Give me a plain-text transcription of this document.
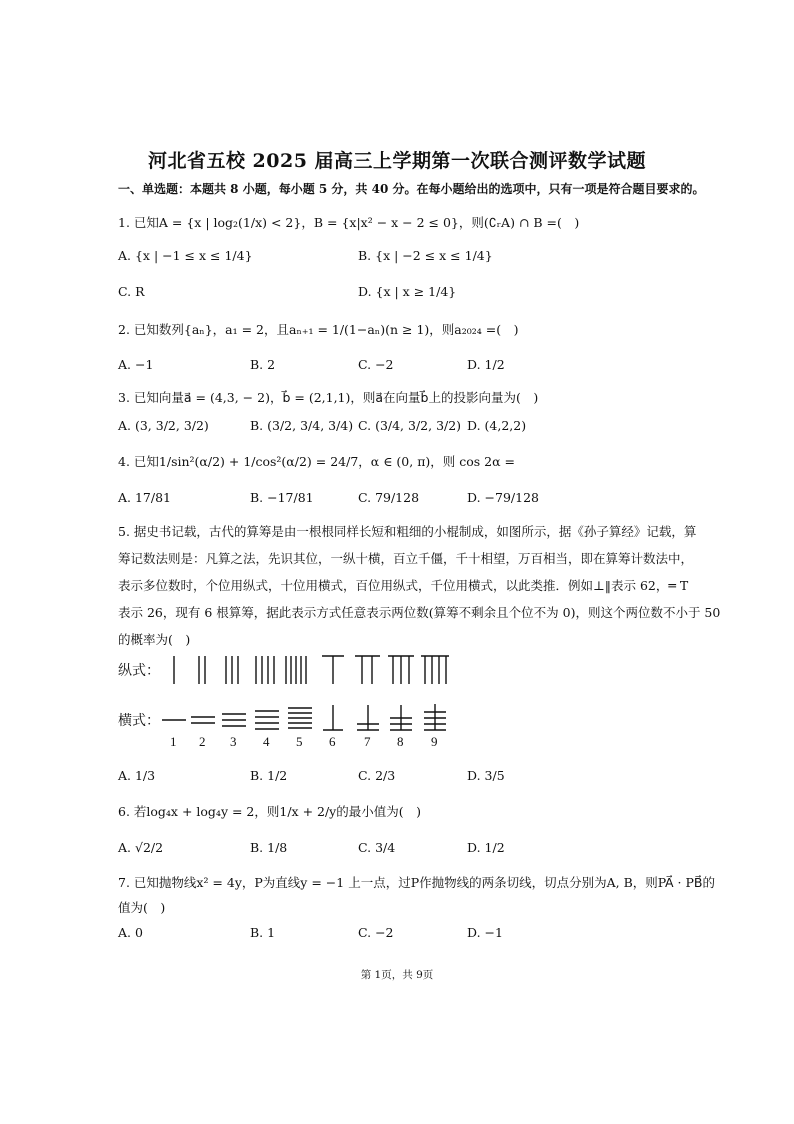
河北省五校 2025 届高三上学期第一次联合测评数学试题
一、单选题：本题共 8 小题，每小题 5 分，共 40 分。在每小题给出的选项中，只有一项是符合题目要求的。
1. 已知A = {x | log₂(1/x) < 2}，B = {x|x² − x − 2 ≤ 0}，则(∁ᵣA) ∩ B =(　)
A. {x | −1 ≤ x ≤ 1/4}	B. {x | −2 ≤ x ≤ 1/4}
C. R	D. {x | x ≥ 1/4}
2. 已知数列{aₙ}，a₁ = 2，且aₙ₊₁ = 1/(1−aₙ)(n ≥ 1)，则a₂₀₂₄ =(　)
A. −1	B. 2	C. −2	D. 1/2
3. 已知向量a⃗ = (4,3, − 2)，b⃗ = (2,1,1)，则a⃗在向量b⃗上的投影向量为(　)
A. (3, 3/2, 3/2)	B. (3/2, 3/4, 3/4) C. (3/4, 3/2, 3/2) D. (4,2,2)
4. 已知1/sin²(α/2) + 1/cos²(α/2) = 24/7，α ∈ (0, π)，则 cos 2α =
A. 17/81	B. −17/81	C. 79/128	D. −79/128
5. 据史书记载，古代的算筹是由一根根同样长短和粗细的小棍制成，如图所示，据《孙子算经》记载，算
筹记数法则是：凡算之法，先识其位，一纵十横，百立千僵，千十相望，万百相当，即在算筹计数法中，
表示多位数时，个位用纵式，十位用横式，百位用纵式，千位用横式，以此类推．例如⊥‖表示 62，═ T
表示 26，现有 6 根算筹，据此表示方式任意表示两位数(算筹不剩余且个位不为 0)，则这个两位数不小于 50
的概率为(　)
纵式：
横式：
1 2 3 4 5 6 7 8 9
A. 1/3	B. 1/2	C. 2/3	D. 3/5
6. 若log₄x + log₄y = 2，则1/x + 2/y的最小值为(　)
A. √2/2	B. 1/8	C. 3/4	D. 1/2
7. 已知抛物线x² = 4y，P为直线y = −1 上一点，过P作抛物线的两条切线，切点分别为A, B，则PA⃗ · PB⃗的
值为(　)
A. 0	B. 1	C. −2	D. −1
第 1页，共 9页
